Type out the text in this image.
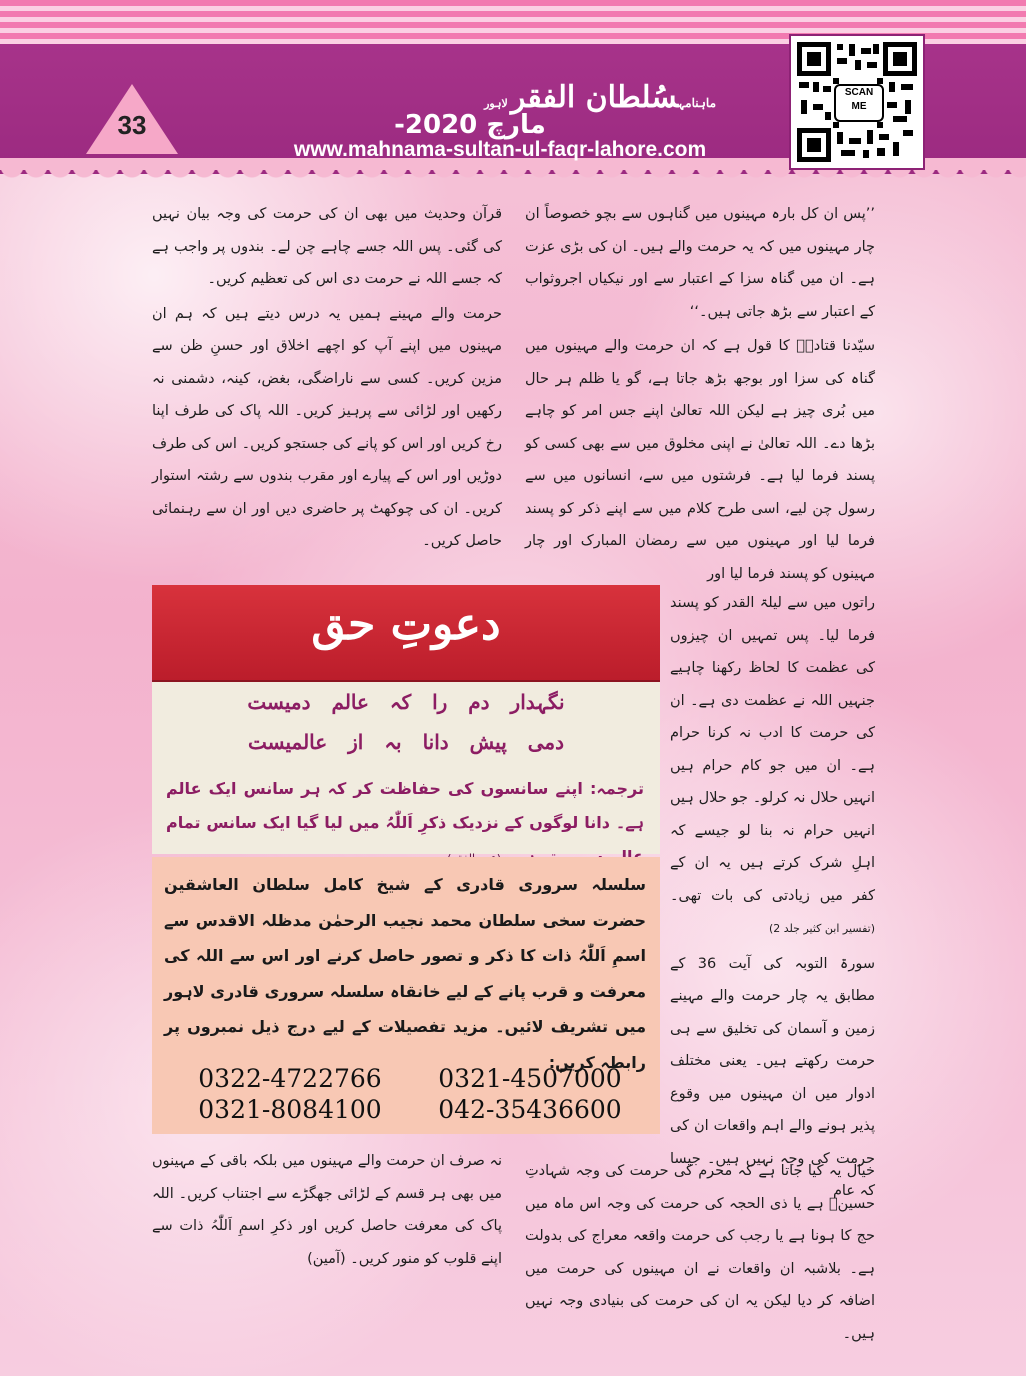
33
ماہنامہسُلطان الفقرلاہور
مارچ 2020-
www.mahnama-sultan-ul-faqr-lahore.com
SCAN
ME

’’پس ان کل بارہ مہینوں میں گناہوں سے بچو خصوصاً ان چار مہینوں میں کہ یہ حرمت والے ہیں۔ ان کی بڑی عزت ہے۔ ان میں گناہ سزا کے اعتبار سے اور نیکیاں اجروثواب کے اعتبار سے بڑھ جاتی ہیں۔‘‘

سیّدنا قتادہؓ کا قول ہے کہ ان حرمت والے مہینوں میں گناہ کی سزا اور بوجھ بڑھ جاتا ہے، گو یا ظلم ہر حال میں بُری چیز ہے لیکن اللہ تعالیٰ اپنے جس امر کو چاہے بڑھا دے۔ اللہ تعالیٰ نے اپنی مخلوق میں سے بھی کسی کو پسند فرما لیا ہے۔ فرشتوں میں سے، انسانوں میں سے رسول چن لیے، اسی طرح کلام میں سے اپنے ذکر کو پسند فرما لیا اور مہینوں میں سے رمضان المبارک اور چار مہینوں کو پسند فرما لیا اور

قرآن وحدیث میں بھی ان کی حرمت کی وجہ بیان نہیں کی گئی۔ پس اللہ جسے چاہے چن لے۔ بندوں پر واجب ہے کہ جسے اللہ نے حرمت دی اس کی تعظیم کریں۔

حرمت والے مہینے ہمیں یہ درس دیتے ہیں کہ ہم ان مہینوں میں اپنے آپ کو اچھے اخلاق اور حسنِ ظن سے مزین کریں۔ کسی سے ناراضگی، بغض، کینہ، دشمنی نہ رکھیں اور لڑائی سے پرہیز کریں۔ اللہ پاک کی طرف اپنا رخ کریں اور اس کو پانے کی جستجو کریں۔ اس کی طرف دوڑیں اور اس کے پیارے اور مقرب بندوں سے رشتہ استوار کریں۔ ان کی چوکھٹ پر حاضری دیں اور ان سے رہنمائی حاصل کریں۔

راتوں میں سے لیلۃ القدر کو پسند فرما لیا۔ پس تمہیں ان چیزوں کی عظمت کا لحاظ رکھنا چاہیے جنہیں اللہ نے عظمت دی ہے۔ ان کی حرمت کا ادب نہ کرنا حرام ہے۔ ان میں جو کام حرام ہیں انہیں حلال نہ کرلو۔ جو حلال ہیں انہیں حرام نہ بنا لو جیسے کہ اہلِ شرک کرتے ہیں یہ ان کے کفر میں زیادتی کی بات تھی۔ (تفسیر ابن کثیر جلد 2)

سورۃ التوبہ کی آیت 36 کے مطابق یہ چار حرمت والے مہینے زمین و آسمان کی تخلیق سے ہی حرمت رکھتے ہیں۔ یعنی مختلف ادوار میں ان مہینوں میں وقوع پذیر ہونے والے اہم واقعات ان کی حرمت کی وجہ نہیں ہیں۔ جیسا کہ عام

خیال یہ کیا جاتا ہے کہ محرم کی حرمت کی وجہ شہادتِ حسینؓ ہے یا ذی الحجہ کی حرمت کی وجہ اس ماہ میں حج کا ہونا ہے یا رجب کی حرمت واقعہ معراج کی بدولت ہے۔ بلاشبہ ان واقعات نے ان مہینوں کی حرمت میں اضافہ کر دیا لیکن یہ ان کی حرمت کی بنیادی وجہ نہیں ہیں۔

نہ صرف ان حرمت والے مہینوں میں بلکہ باقی کے مہینوں میں بھی ہر قسم کے لڑائی جھگڑے سے اجتناب کریں۔ اللہ پاک کی معرفت حاصل کریں اور ذکرِ اسمِ اَللّٰہُ ذات سے اپنے قلوب کو منور کریں۔ (آمین)

دعوتِ حق

نگہدار دم را کہ عالم دمیست

دمی پیش دانا بہ از عالمیست

ترجمہ: اپنے سانسوں کی حفاظت کر کہ ہر سانس ایک عالم ہے۔ دانا لوگوں کے نزدیک ذکرِ اَللّٰہُ میں لیا گیا ایک سانس تمام
سلسلہ سروری قادری کے شیخ کامل سلطان العاشقین حضرت سخی سلطان محمد نجیب الرحمٰن مدظلہ الاقدس سے اسمِ اَللّٰہُ ذات کا ذکر و تصور حاصل کرنے اور اس سے اللہ کی معرفت و قرب پانے کے لیے خانقاہ سلسلہ سروری قادری لاہور میں تشریف لائیں۔ مزید تفصیلات کے لیے درج ذیل نمبروں پر رابطہ کریں:
0322-4722766 0321-4507000
0321-8084100 042-35436600
